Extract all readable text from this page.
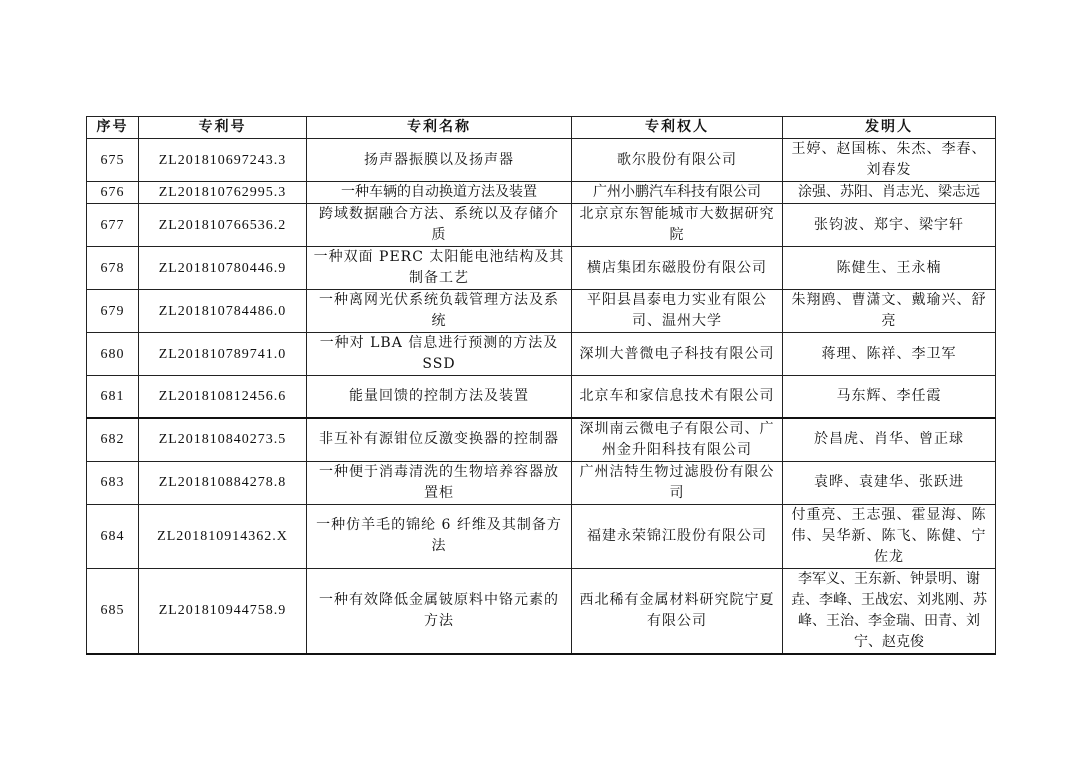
序号	专利号	专利名称	专利权人	发明人
675	ZL201810697243.3	扬声器振膜以及扬声器	歌尔股份有限公司	王婷、赵国栋、朱杰、李春、刘春发
676	ZL201810762995.3	一种车辆的自动换道方法及装置	广州小鹏汽车科技有限公司	涂强、苏阳、肖志光、梁志远
677	ZL201810766536.2	跨域数据融合方法、系统以及存储介质	北京京东智能城市大数据研究院	张钧波、郑宇、梁宇轩
678	ZL201810780446.9	一种双面 PERC 太阳能电池结构及其制备工艺	横店集团东磁股份有限公司	陈健生、王永楠
679	ZL201810784486.0	一种离网光伏系统负载管理方法及系统	平阳县昌泰电力实业有限公司、温州大学	朱翔鸥、曹潇文、戴瑜兴、舒亮
680	ZL201810789741.0	一种对 LBA 信息进行预测的方法及 SSD	深圳大普微电子科技有限公司	蒋理、陈祥、李卫军
681	ZL201810812456.6	能量回馈的控制方法及装置	北京车和家信息技术有限公司	马东辉、李任霞
682	ZL201810840273.5	非互补有源钳位反激变换器的控制器	深圳南云微电子有限公司、广州金升阳科技有限公司	於昌虎、肖华、曾正球
683	ZL201810884278.8	一种便于消毒清洗的生物培养容器放置柜	广州洁特生物过滤股份有限公司	袁晔、袁建华、张跃进
684	ZL201810914362.X	一种仿羊毛的锦纶 6 纤维及其制备方法	福建永荣锦江股份有限公司	付重亮、王志强、霍显海、陈伟、吴华新、陈飞、陈健、宁佐龙
685	ZL201810944758.9	一种有效降低金属铍原料中铬元素的方法	西北稀有金属材料研究院宁夏有限公司	李军义、王东新、钟景明、谢垚、李峰、王战宏、刘兆刚、苏峰、王治、李金瑞、田青、刘宁、赵克俊
